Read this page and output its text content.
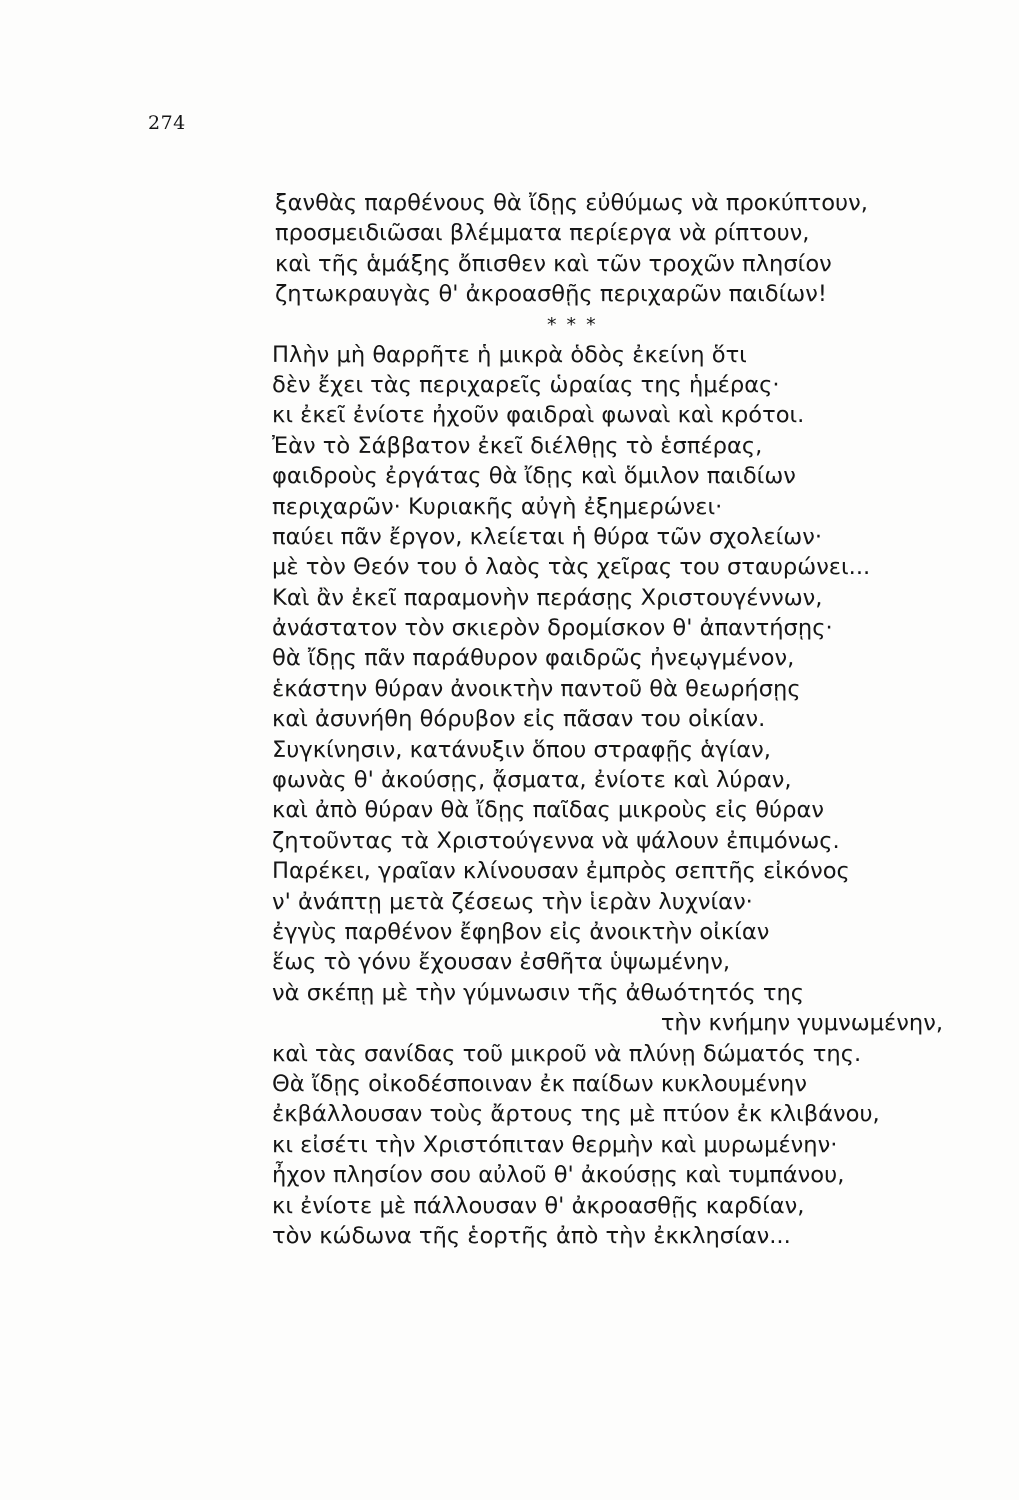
274
ξανθὰς παρθένους θὰ ἴδῃς εὐθύμως νὰ προκύπτουν,
προσμειδιῶσαι βλέμματα περίεργα νὰ ρίπτουν,
καὶ τῆς ἁμάξης ὄπισθεν καὶ τῶν τροχῶν πλησίον
ζητωκραυγὰς θ' ἀκροασθῇς περιχαρῶν παιδίων!
* * *
Πλὴν μὴ θαρρῆτε ἡ μικρὰ ὁδὸς ἐκείνη ὅτι
δὲν ἔχει τὰς περιχαρεῖς ὡραίας της ἡμέρας·
κι ἐκεῖ ἐνίοτε ἠχοῦν φαιδραὶ φωναὶ καὶ κρότοι.
Ἐὰν τὸ Σάββατον ἐκεῖ διέλθῃς τὸ ἑσπέρας,
φαιδροὺς ἐργάτας θὰ ἴδῃς καὶ ὅμιλον παιδίων
περιχαρῶν· Κυριακῆς αὐγὴ ἐξημερώνει·
παύει πᾶν ἔργον, κλείεται ἡ θύρα τῶν σχολείων·
μὲ τὸν Θεόν του ὁ λαὸς τὰς χεῖρας του σταυρώνει...
Καὶ ἂν ἐκεῖ παραμονὴν περάσῃς Χριστουγέννων,
ἀνάστατον τὸν σκιερὸν δρομίσκον θ' ἀπαντήσῃς·
θὰ ἴδῃς πᾶν παράθυρον φαιδρῶς ἠνεῳγμένον,
ἑκάστην θύραν ἀνοικτὴν παντοῦ θὰ θεωρήσῃς
καὶ ἀσυνήθη θόρυβον εἰς πᾶσαν του οἰκίαν.
Συγκίνησιν, κατάνυξιν ὅπου στραφῇς ἁγίαν,
φωνὰς θ' ἀκούσῃς, ᾄσματα, ἐνίοτε καὶ λύραν,
καὶ ἀπὸ θύραν θὰ ἴδῃς παῖδας μικροὺς εἰς θύραν
ζητοῦντας τὰ Χριστούγεννα νὰ ψάλουν ἐπιμόνως.
Παρέκει, γραῖαν κλίνουσαν ἐμπρὸς σεπτῆς εἰκόνος
ν' ἀνάπτῃ μετὰ ζέσεως τὴν ἱερὰν λυχνίαν·
ἐγγὺς παρθένον ἔφηβον εἰς ἀνοικτὴν οἰκίαν
ἕως τὸ γόνυ ἔχουσαν ἐσθῆτα ὑψωμένην,
νὰ σκέπῃ μὲ τὴν γύμνωσιν τῆς ἀθωότητός της
τὴν κνήμην γυμνωμένην,
καὶ τὰς σανίδας τοῦ μικροῦ νὰ πλύνῃ δώματός της.
Θὰ ἴδῃς οἰκοδέσποιναν ἐκ παίδων κυκλουμένην
ἐκβάλλουσαν τοὺς ἄρτους της μὲ πτύον ἐκ κλιβάνου,
κι εἰσέτι τὴν Χριστόπιταν θερμὴν καὶ μυρωμένην·
ἦχον πλησίον σου αὐλοῦ θ' ἀκούσῃς καὶ τυμπάνου,
κι ἐνίοτε μὲ πάλλουσαν θ' ἀκροασθῇς καρδίαν,
τὸν κώδωνα τῆς ἑορτῆς ἀπὸ τὴν ἐκκλησίαν...
